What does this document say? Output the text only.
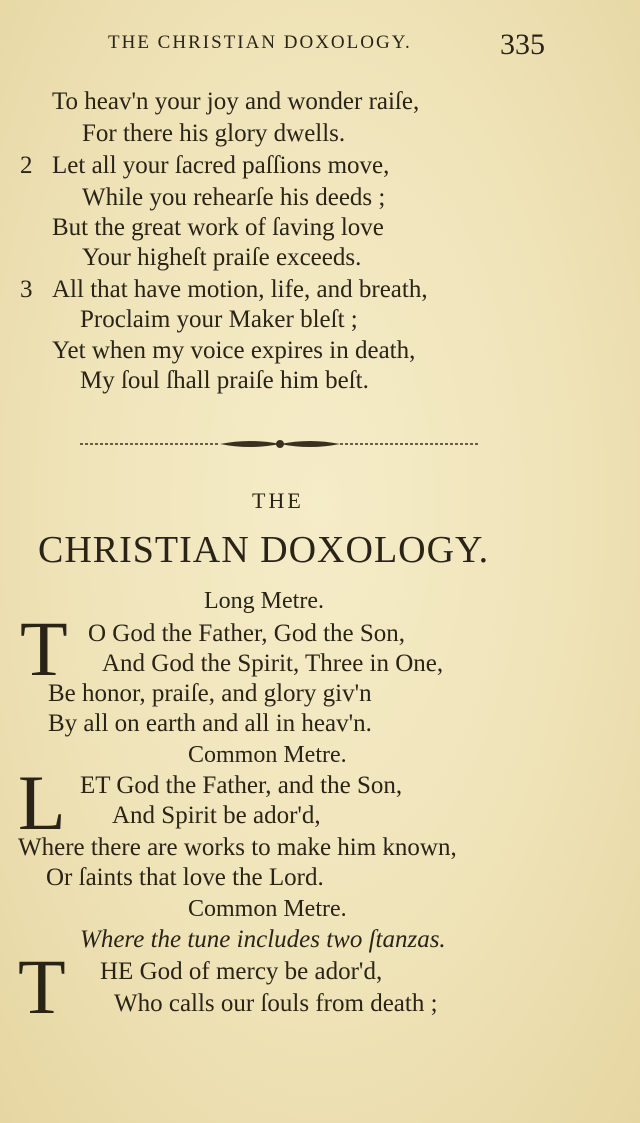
THE CHRISTIAN DOXOLOGY.	335
To heav'n your joy and wonder raiſe,
For there his glory dwells.
2 Let all your ſacred paſſions move,
While you rehearſe his deeds ;
But the great work of ſaving love
Your higheſt praiſe exceeds.
3 All that have motion, life, and breath,
Proclaim your Maker bleſt ;
Yet when my voice expires in death,
My ſoul ſhall praiſe him beſt.
THE
CHRISTIAN DOXOLOGY.
Long Metre.
T O God the Father, God the Son,
And God the Spirit, Three in One,
Be honor, praiſe, and glory giv'n
By all on earth and all in heav'n.
Common Metre.
L ET God the Father, and the Son,
And Spirit be ador'd,
Where there are works to make him known,
Or ſaints that love the Lord.
Common Metre.
Where the tune includes two ſtanzas.
T HE God of mercy be ador'd,
Who calls our ſouls from death ;
